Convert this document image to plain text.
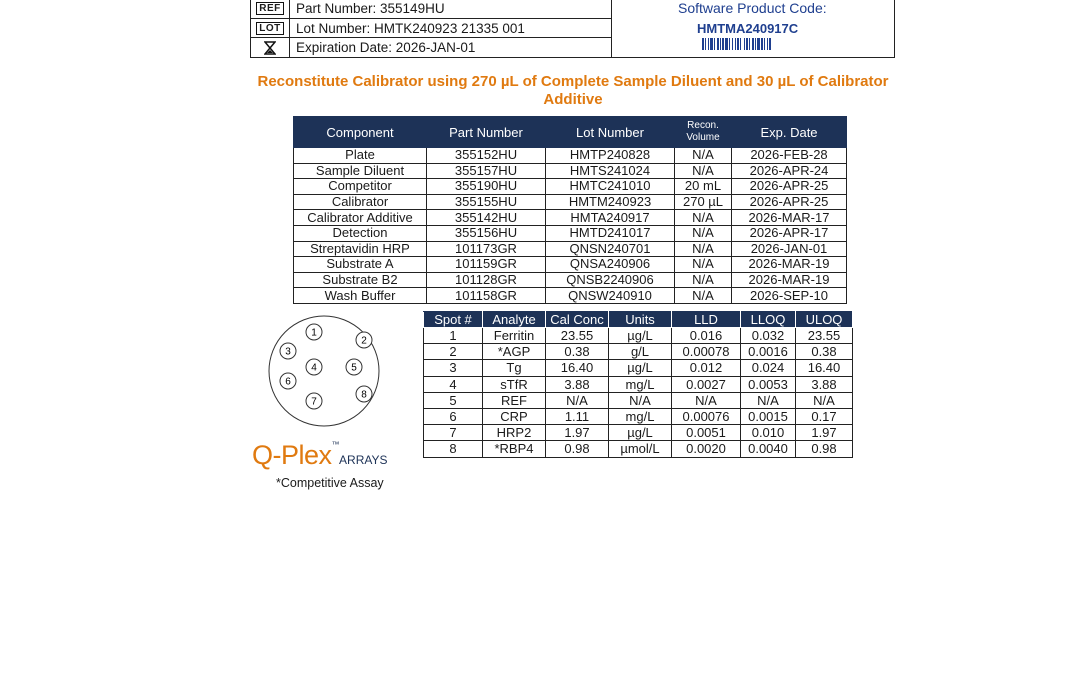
REF	Part Number: 355149HU
LOT	Lot Number: HMTK240923 21335 001
Expiration Date: 2026-JAN-01
Software Product Code:
HMTMA240917C
Reconstitute Calibrator using 270 µL of Complete Sample Diluent and 30 µL of Calibrator Additive
Component	Part Number	Lot Number	Recon. Volume	Exp. Date
Plate	355152HU	HMTP240828	N/A	2026-FEB-28
Sample Diluent	355157HU	HMTS241024	N/A	2026-APR-24
Competitor	355190HU	HMTC241010	20 mL	2026-APR-25
Calibrator	355155HU	HMTM240923	270 µL	2026-APR-25
Calibrator Additive	355142HU	HMTA240917	N/A	2026-MAR-17
Detection	355156HU	HMTD241017	N/A	2026-APR-17
Streptavidin HRP	101173GR	QNSN240701	N/A	2026-JAN-01
Substrate A	101159GR	QNSA240906	N/A	2026-MAR-19
Substrate B2	101128GR	QNSB2240906	N/A	2026-MAR-19
Wash Buffer	101158GR	QNSW240910	N/A	2026-SEP-10
1
2
3
4	5
6
7
8
Q-Plex™ARRAYS
*Competitive Assay
Spot #	Analyte	Cal Conc	Units	LLD	LLOQ	ULOQ
1	Ferritin	23.55	µg/L	0.016	0.032	23.55
2	*AGP	0.38	g/L	0.00078	0.0016	0.38
3	Tg	16.40	µg/L	0.012	0.024	16.40
4	sTfR	3.88	mg/L	0.0027	0.0053	3.88
5	REF	N/A	N/A	N/A	N/A	N/A
6	CRP	1.11	mg/L	0.00076	0.0015	0.17
7	HRP2	1.97	µg/L	0.0051	0.010	1.97
8	*RBP4	0.98	µmol/L	0.0020	0.0040	0.98
